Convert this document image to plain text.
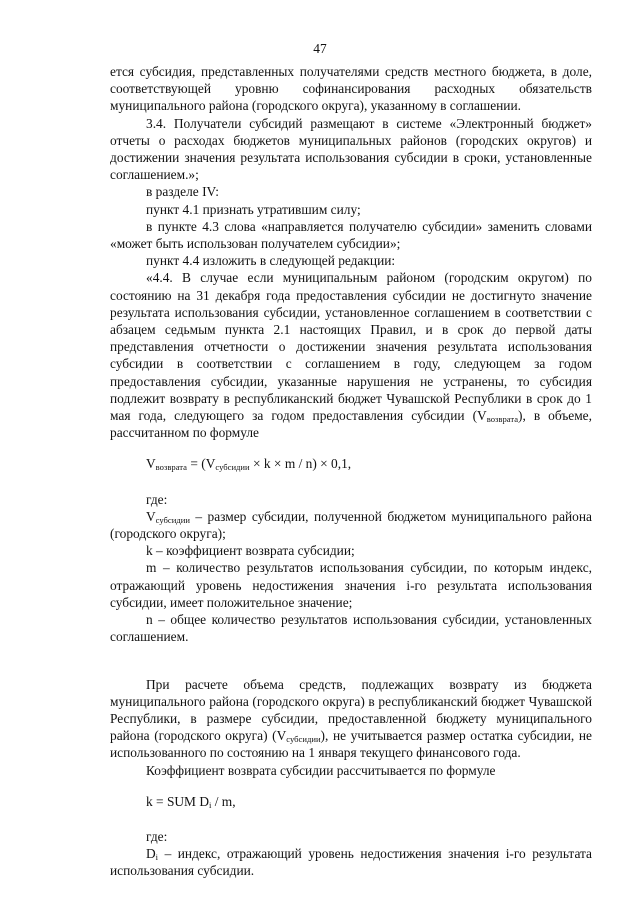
47

ется субсидия, представленных получателями средств местного бюджета, в доле, соответствующей уровню софинансирования расходных обязательств муниципального района (городского округа), указанному в соглашении.

3.4. Получатели субсидий размещают в системе «Электронный бюджет» отчеты о расходах бюджетов муниципальных районов (городских округов) и достижении значения результата использования субсидии в сроки, установленные соглашением.»;

в разделе IV:

пункт 4.1 признать утратившим силу;

в пункте 4.3 слова «направляется получателю субсидии» заменить словами «может быть использован получателем субсидии»;

пункт 4.4 изложить в следующей редакции:

«4.4. В случае если муниципальным районом (городским округом) по состоянию на 31 декабря года предоставления субсидии не достигнуто значение результата использования субсидии, установленное соглашением в соответствии с абзацем седьмым пункта 2.1 настоящих Правил, и в срок до первой даты представления отчетности о достижении значения результата использования субсидии в соответствии с соглашением в году, следующем за годом предоставления субсидии, указанные нарушения не устранены, то субсидия подлежит возврату в республиканский бюджет Чувашской Республики в срок до 1 мая года, следующего за годом предоставления субсидии $(V_{возврата})$, в объеме, рассчитанном по формуле

$V_{возврата} = (V_{субсидии} \times k \times m / n) \times 0,1$,

где:

$V_{субсидии}$ – размер субсидии, полученной бюджетом муниципального района (городского округа);

k – коэффициент возврата субсидии;

m – количество результатов использования субсидии, по которым индекс, отражающий уровень недостижения значения i-го результата использования субсидии, имеет положительное значение;

n – общее количество результатов использования субсидии, установленных соглашением.

При расчете объема средств, подлежащих возврату из бюджета муниципального района (городского округа) в республиканский бюджет Чувашской Республики, в размере субсидии, предоставленной бюджету муниципального района (городского округа) $(V_{субсидии})$, не учитывается размер остатка субсидии, не использованного по состоянию на 1 января текущего финансового года.

Коэффициент возврата субсидии рассчитывается по формуле

k = SUM $D_i$ / m,

где:

$D_i$ – индекс, отражающий уровень недостижения значения i-го результата использования субсидии.
